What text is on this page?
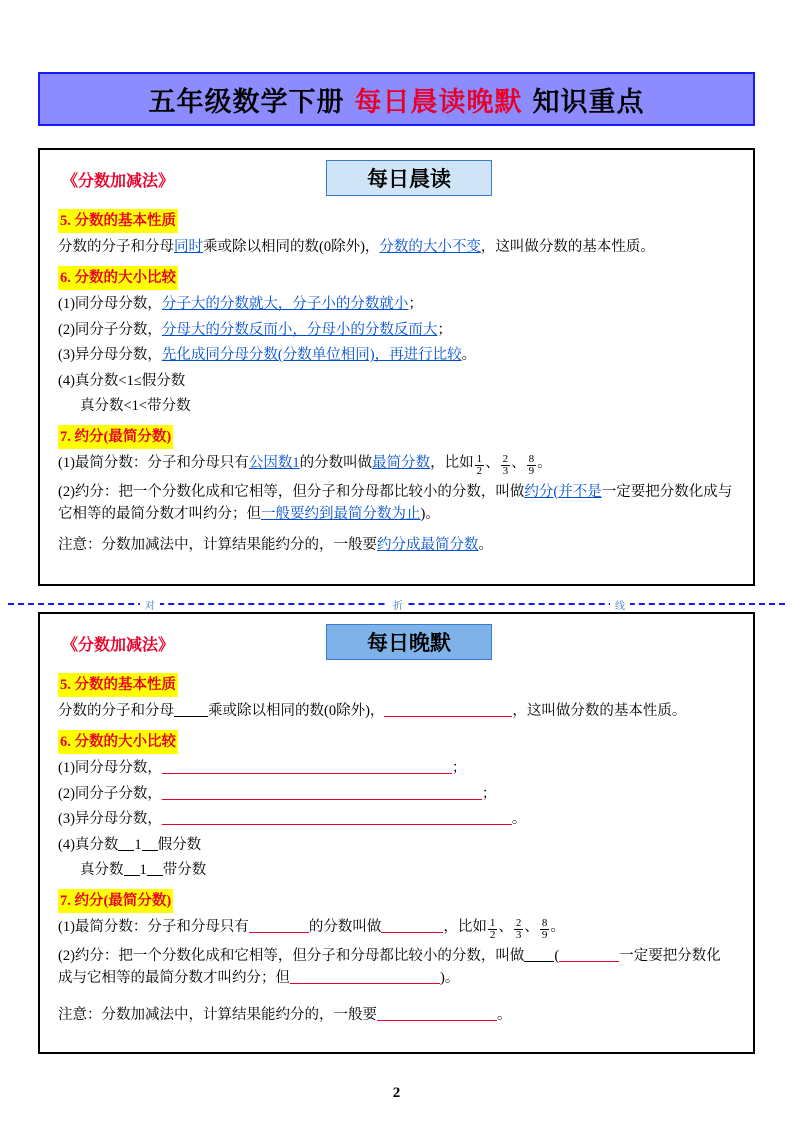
五年级数学下册 每日晨读晚默 知识重点
《分数加减法》	每日晨读
5. 分数的基本性质
分数的分子和分母同时乘或除以相同的数(0除外)，分数的大小不变，这叫做分数的基本性质。
6. 分数的大小比较
(1)同分母分数，分子大的分数就大，分子小的分数就小；
(2)同分子分数，分母大的分数反而小，分母小的分数反而大；
(3)异分母分数，先化成同分母分数(分数单位相同)，再进行比较。
(4)真分数<1≤假分数
真分数<1<带分数
7. 约分(最简分数)
(1)最简分数：分子和分母只有公因数1的分数叫做最简分数，比如 $\frac{1}{2}$ 、 $\frac{2}{3}$ 、 $\frac{8}{9}$ 。
(2)约分：把一个分数化成和它相等，但分子和分母都比较小的分数，叫做约分(并不是一定要把分数化成与它相等的最简分数才叫约分；但一般要约到最简分数为止)。
注意：分数加减法中，计算结果能约分的，一般要约分成最简分数。
对	折	线
《分数加减法》	每日晚默
5. 分数的基本性质
分数的分子和分母 乘或除以相同的数(0除外)，	，这叫做分数的基本性质。
6. 分数的大小比较
(1)同分母分数，	；
(2)同分子分数，	；
(3)异分母分数，	。
(4)真分数 1 假分数
真分数 1 带分数
7. 约分(最简分数)
(1)最简分数：分子和分母只有	的分数叫做	，比如 $\frac{1}{2}$ 、 $\frac{2}{3}$ 、 $\frac{8}{9}$ 。
(2)约分：把一个分数化成和它相等，但分子和分母都比较小的分数，叫做 (	一定要把分数化成与它相等的最简分数才叫约分；但	)。
注意：分数加减法中，计算结果能约分的，一般要	。
2
